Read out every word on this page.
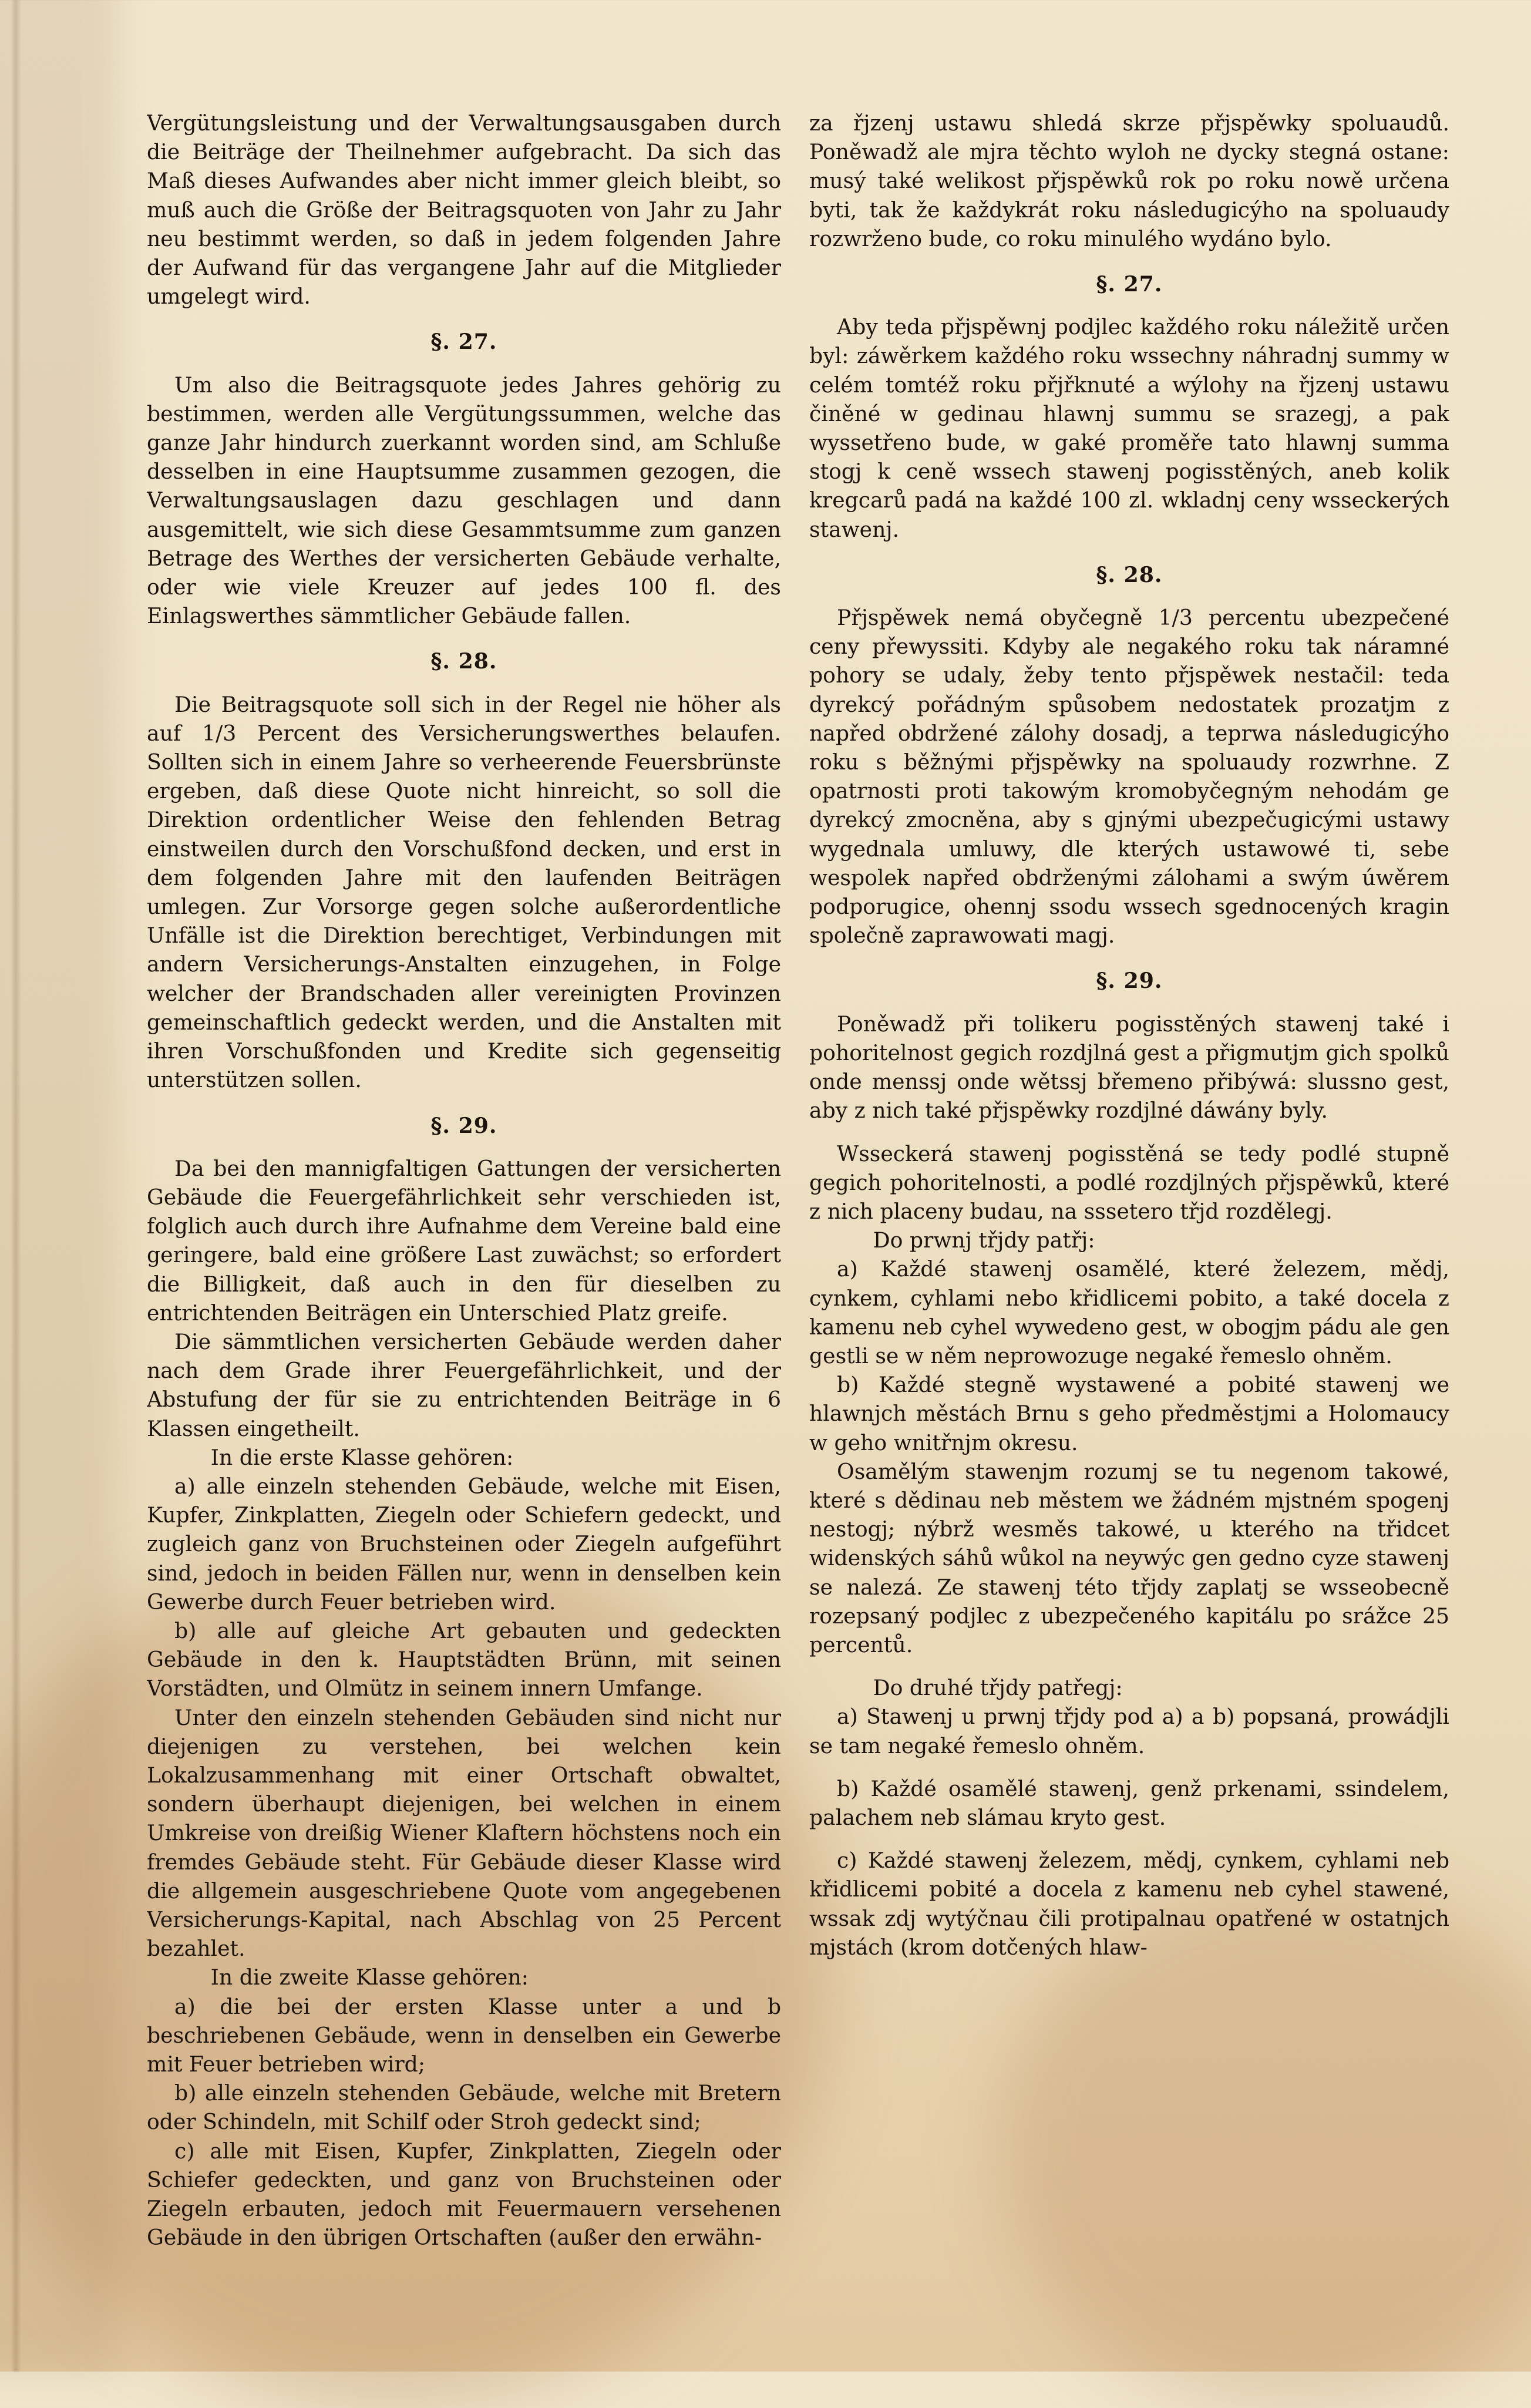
Vergütungsleistung und der Verwaltungsausgaben durch die Beiträge der Theilnehmer aufgebracht. Da sich das Maß dieses Aufwandes aber nicht immer gleich bleibt, so muß auch die Größe der Beitragsquoten von Jahr zu Jahr neu bestimmt werden, so daß in jedem folgenden Jahre der Aufwand für das vergangene Jahr auf die Mitglieder umgelegt wird.

§. 27.

Um also die Beitragsquote jedes Jahres gehörig zu bestimmen, werden alle Vergütungssummen, welche das ganze Jahr hindurch zuerkannt worden sind, am Schluße desselben in eine Hauptsumme zusammen gezogen, die Verwaltungsauslagen dazu geschlagen und dann ausgemittelt, wie sich diese Gesammtsumme zum ganzen Betrage des Werthes der versicherten Gebäude verhalte, oder wie viele Kreuzer auf jedes 100 fl. des Einlagswerthes sämmtlicher Gebäude fallen.

§. 28.

Die Beitragsquote soll sich in der Regel nie höher als auf 1/3 Percent des Versicherungswerthes belaufen. Sollten sich in einem Jahre so verheerende Feuersbrünste ergeben, daß diese Quote nicht hinreicht, so soll die Direktion ordentlicher Weise den fehlenden Betrag einstweilen durch den Vorschußfond decken, und erst in dem folgenden Jahre mit den laufenden Beiträgen umlegen. Zur Vorsorge gegen solche außerordentliche Unfälle ist die Direktion berechtiget, Verbindungen mit andern Versicherungs-Anstalten einzugehen, in Folge welcher der Brandschaden aller vereinigten Provinzen gemeinschaftlich gedeckt werden, und die Anstalten mit ihren Vorschußfonden und Kredite sich gegenseitig unterstützen sollen.

§. 29.

Da bei den mannigfaltigen Gattungen der versicherten Gebäude die Feuergefährlichkeit sehr verschieden ist, folglich auch durch ihre Aufnahme dem Vereine bald eine geringere, bald eine größere Last zuwächst; so erfordert die Billigkeit, daß auch in den für dieselben zu entrichtenden Beiträgen ein Unterschied Platz greife.

Die sämmtlichen versicherten Gebäude werden daher nach dem Grade ihrer Feuergefährlichkeit, und der Abstufung der für sie zu entrichtenden Beiträge in 6 Klassen eingetheilt.

In die erste Klasse gehören:

a) alle einzeln stehenden Gebäude, welche mit Eisen, Kupfer, Zinkplatten, Ziegeln oder Schiefern gedeckt, und zugleich ganz von Bruchsteinen oder Ziegeln aufgeführt sind, jedoch in beiden Fällen nur, wenn in denselben kein Gewerbe durch Feuer betrieben wird.

b) alle auf gleiche Art gebauten und gedeckten Gebäude in den k. Hauptstädten Brünn, mit seinen Vorstädten, und Olmütz in seinem innern Umfange.

Unter den einzeln stehenden Gebäuden sind nicht nur diejenigen zu verstehen, bei welchen kein Lokalzusammenhang mit einer Ortschaft obwaltet, sondern überhaupt diejenigen, bei welchen in einem Umkreise von dreißig Wiener Klaftern höchstens noch ein fremdes Gebäude steht. Für Gebäude dieser Klasse wird die allgemein ausgeschriebene Quote vom angegebenen Versicherungs-Kapital, nach Abschlag von 25 Percent bezahlet.

In die zweite Klasse gehören:

a) die bei der ersten Klasse unter a und b beschriebenen Gebäude, wenn in denselben ein Gewerbe mit Feuer betrieben wird;

b) alle einzeln stehenden Gebäude, welche mit Bretern oder Schindeln, mit Schilf oder Stroh gedeckt sind;

c) alle mit Eisen, Kupfer, Zinkplatten, Ziegeln oder Schiefer gedeckten, und ganz von Bruchsteinen oder Ziegeln erbauten, jedoch mit Feuermauern versehenen Gebäude in den übrigen Ortschaften (außer den erwähn-

za řjzenj ustawu shledá skrze přjspěwky spoluaudů. Poněwadž ale mjra těchto wyloh ne dycky stegná ostane: musý také welikost přjspěwků rok po roku nowě určena byti, tak že každykrát roku následugicýho na spoluaudy rozwrženo bude, co roku minulého wydáno bylo.

§. 27.

Aby teda přjspěwnj podjlec každého roku náležitě určen byl: záwěrkem každého roku wssechny náhradnj summy w celém tomtéž roku přjřknuté a wýlohy na řjzenj ustawu činěné w gedinau hlawnj summu se srazegj, a pak wyssetřeno bude, w gaké proměře tato hlawnj summa stogj k ceně wssech stawenj pogisstěných, aneb kolik kregcarů padá na každé 100 zl. wkladnj ceny wsseckerých stawenj.

§. 28.

Přjspěwek nemá obyčegně 1/3 percentu ubezpečené ceny přewyssiti. Kdyby ale negakého roku tak náramné pohory se udaly, žeby tento přjspěwek nestačil: teda dyrekcý pořádným spůsobem nedostatek prozatjm z napřed obdržené zálohy dosadj, a teprwa následugicýho roku s běžnými přjspěwky na spoluaudy rozwrhne. Z opatrnosti proti takowým kromobyčegným nehodám ge dyrekcý zmocněna, aby s gjnými ubezpečugicými ustawy wygednala umluwy, dle kterých ustawowé ti, sebe wespolek napřed obdrženými zálohami a swým úwěrem podporugice, ohennj ssodu wssech sgednocených kragin společně zaprawowati magj.

§. 29.

Poněwadž při tolikeru pogisstěných stawenj také i pohoritelnost gegich rozdjlná gest a přigmutjm gich spolků onde menssj onde wětssj břemeno přibýwá: slussno gest, aby z nich také přjspěwky rozdjlné dáwány byly.

Wsseckerá stawenj pogisstěná se tedy podlé stupně gegich pohoritelnosti, a podlé rozdjlných přjspěwků, které z nich placeny budau, na sssetero třjd rozdělegj.

Do prwnj třjdy patřj:

a) Každé stawenj osamělé, které železem, mědj, cynkem, cyhlami nebo křidlicemi pobito, a také docela z kamenu neb cyhel wywedeno gest, w obogjm pádu ale gen gestli se w něm neprowozuge negaké řemeslo ohněm.

b) Každé stegně wystawené a pobité stawenj we hlawnjch městách Brnu s geho předměstjmi a Holomaucy w geho wnitřnjm okresu.

Osamělým stawenjm rozumj se tu negenom takowé, které s dědinau neb městem we žádném mjstném spogenj nestogj; nýbrž wesměs takowé, u kterého na třidcet widenských sáhů wůkol na neywýc gen gedno cyze stawenj se nalezá. Ze stawenj této třjdy zaplatj se wsseobecně rozepsaný podjlec z ubezpečeného kapitálu po srážce 25 percentů.

Do druhé třjdy patřegj:

a) Stawenj u prwnj třjdy pod a) a b) popsaná, prowádjli se tam negaké řemeslo ohněm.

b) Každé osamělé stawenj, genž prkenami, ssindelem, palachem neb slámau kryto gest.

c) Každé stawenj železem, mědj, cynkem, cyhlami neb křidlicemi pobité a docela z kamenu neb cyhel stawené, wssak zdj wytýčnau čili protipalnau opatřené w ostatnjch mjstách (krom dotčených hlaw-
